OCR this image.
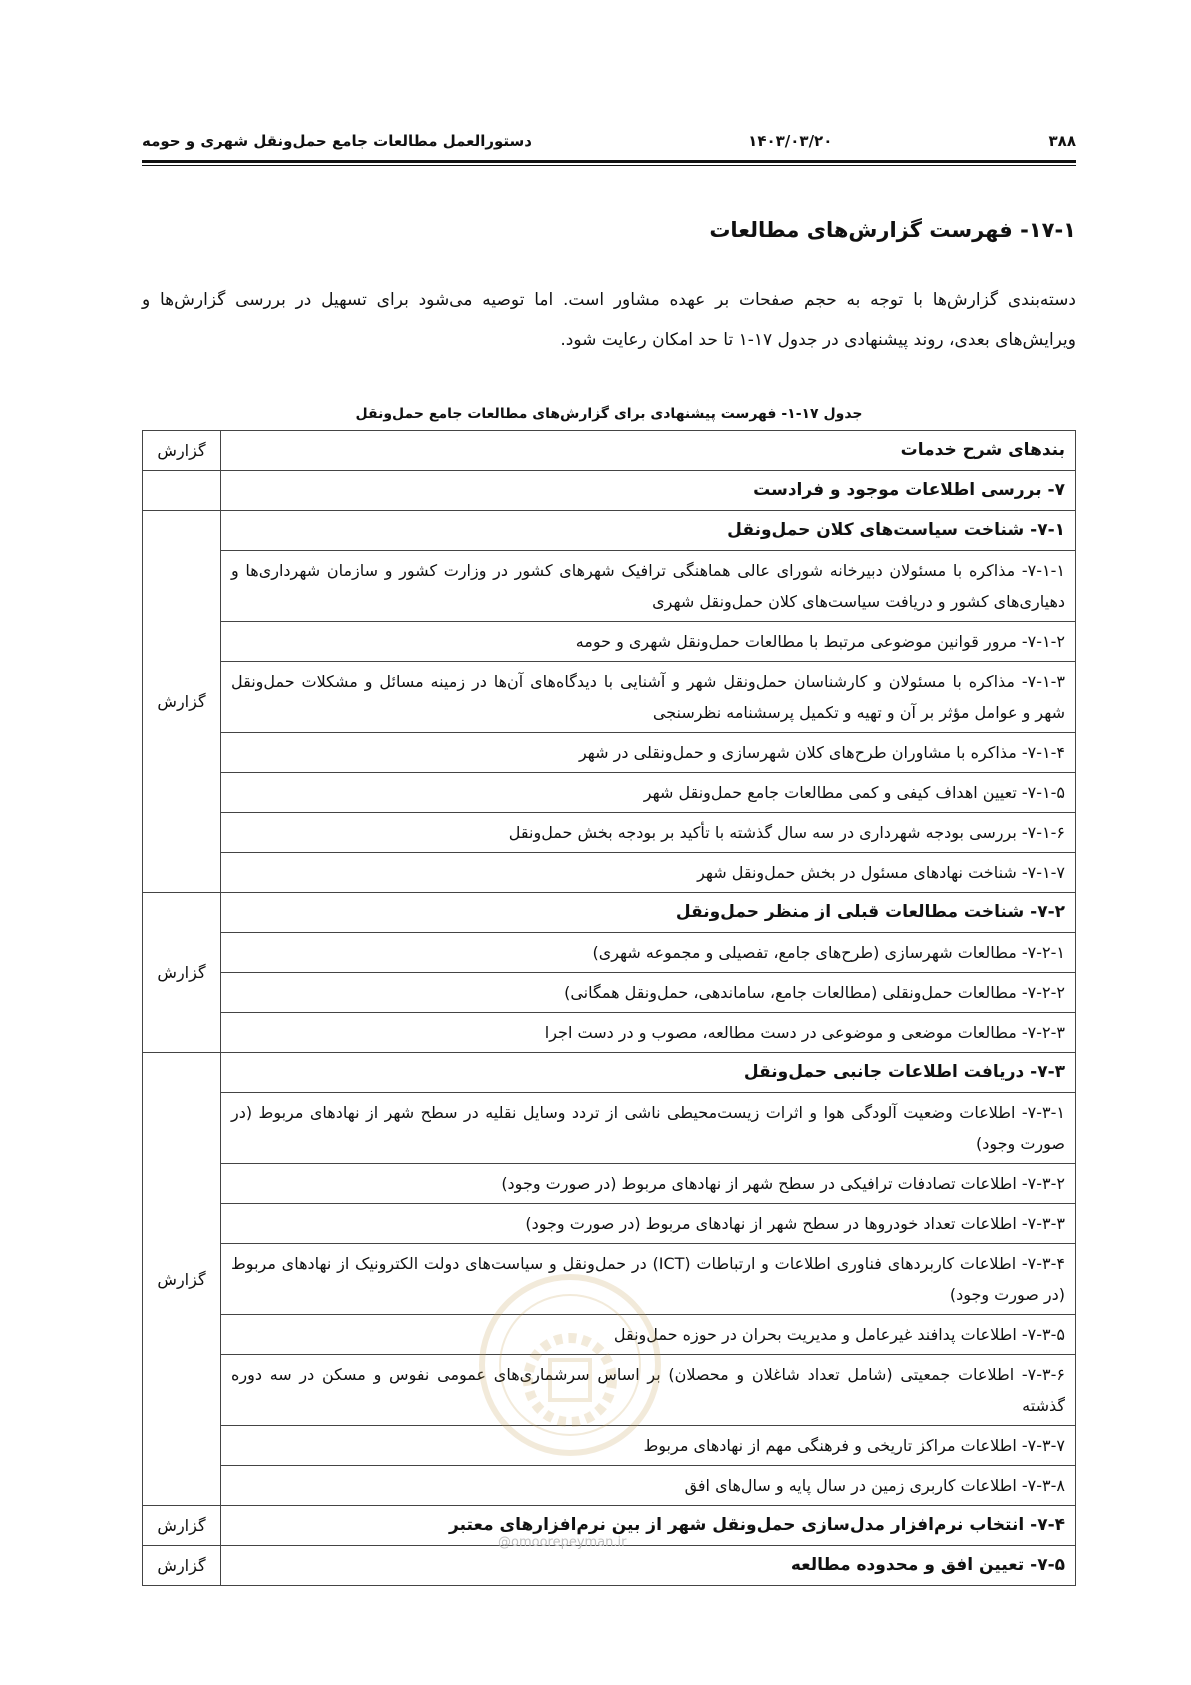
۳۸۸
۱۴۰۳/۰۳/۲۰
دستورالعمل مطالعات جامع حمل‌ونقل شهری و حومه
۱۷-۱- فهرست گزارش‌های مطالعات
دسته‌بندی گزارش‌ها با توجه به حجم صفحات بر عهده مشاور است. اما توصیه می‌شود برای تسهیل در بررسی گزارش‌ها و ویرایش‌های بعدی، روند پیشنهادی در جدول ۱۷-۱ تا حد امکان رعایت شود.
جدول ۱۷-۱- فهرست پیشنهادی برای گزارش‌های مطالعات جامع حمل‌ونقل
بندهای شرح خدمات	گزارش
۷- بررسی اطلاعات موجود و فرادست	
۷-۱- شناخت سیاست‌های کلان حمل‌ونقل	گزارش
۷-۱-۱- مذاکره با مسئولان دبیرخانه شورای عالی هماهنگی ترافیک شهرهای کشور در وزارت کشور و سازمان شهرداری‌ها و دهیاری‌های کشور و دریافت سیاست‌های کلان حمل‌ونقل شهری	
۷-۱-۲- مرور قوانین موضوعی مرتبط با مطالعات حمل‌ونقل شهری و حومه	
۷-۱-۳- مذاکره با مسئولان و کارشناسان حمل‌ونقل شهر و آشنایی با دیدگاه‌های آن‌ها در زمینه مسائل و مشکلات حمل‌ونقل شهر و عوامل مؤثر بر آن و تهیه و تکمیل پرسشنامه نظرسنجی	
۷-۱-۴- مذاکره با مشاوران طرح‌های کلان شهرسازی و حمل‌ونقلی در شهر	
۷-۱-۵- تعیین اهداف کیفی و کمی مطالعات جامع حمل‌ونقل شهر	
۷-۱-۶- بررسی بودجه شهرداری در سه سال گذشته با تأکید بر بودجه بخش حمل‌ونقل	
۷-۱-۷- شناخت نهادهای مسئول در بخش حمل‌ونقل شهر	
۷-۲- شناخت مطالعات قبلی از منظر حمل‌ونقل	گزارش
۷-۲-۱- مطالعات شهرسازی (طرح‌های جامع، تفصیلی و مجموعه شهری)	
۷-۲-۲- مطالعات حمل‌ونقلی (مطالعات جامع، ساماندهی، حمل‌ونقل همگانی)	
۷-۲-۳- مطالعات موضعی و موضوعی در دست مطالعه، مصوب و در دست اجرا	
۷-۳- دریافت اطلاعات جانبی حمل‌ونقل	گزارش
۷-۳-۱- اطلاعات وضعیت آلودگی هوا و اثرات زیست‌محیطی ناشی از تردد وسایل نقلیه در سطح شهر از نهادهای مربوط (در صورت وجود)	
۷-۳-۲- اطلاعات تصادفات ترافیکی در سطح شهر از نهادهای مربوط (در صورت وجود)	
۷-۳-۳- اطلاعات تعداد خودروها در سطح شهر از نهادهای مربوط (در صورت وجود)	
۷-۳-۴- اطلاعات کاربردهای فناوری اطلاعات و ارتباطات (ICT) در حمل‌ونقل و سیاست‌های دولت الکترونیک از نهادهای مربوط (در صورت وجود)	
۷-۳-۵- اطلاعات پدافند غیرعامل و مدیریت بحران در حوزه حمل‌ونقل	
۷-۳-۶- اطلاعات جمعیتی (شامل تعداد شاغلان و محصلان) بر اساس سرشماری‌های عمومی نفوس و مسکن در سه دوره گذشته	
۷-۳-۷- اطلاعات مراکز تاریخی و فرهنگی مهم از نهادهای مربوط	
۷-۳-۸- اطلاعات کاربری زمین در سال پایه و سال‌های افق	
۷-۴- انتخاب نرم‌افزار مدل‌سازی حمل‌ونقل شهر از بین نرم‌افزارهای معتبر	گزارش
۷-۵- تعیین افق و محدوده مطالعه	گزارش
@omoorepeyman.ir
